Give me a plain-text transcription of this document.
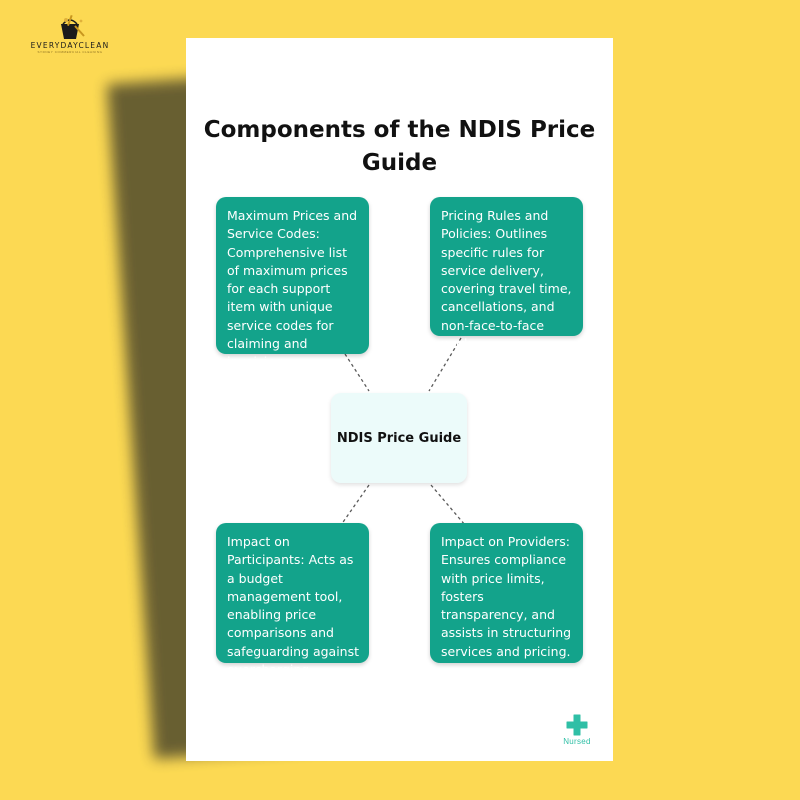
EVERYDAYCLEAN
SYDNEY COMMERCIAL CLEANING
Components of the NDIS Price Guide
Maximum Prices and Service Codes: Comprehensive list of maximum prices for each support item with unique service codes for claiming and invoicing.
Pricing Rules and Policies: Outlines specific rules for service delivery, covering travel time, cancellations, and non-face-to-face work.
NDIS Price Guide
Impact on Participants: Acts as a budget management tool, enabling price comparisons and safeguarding against overcharging.
Impact on Providers: Ensures compliance with price limits, fosters transparency, and assists in structuring services and pricing.
Nursed
